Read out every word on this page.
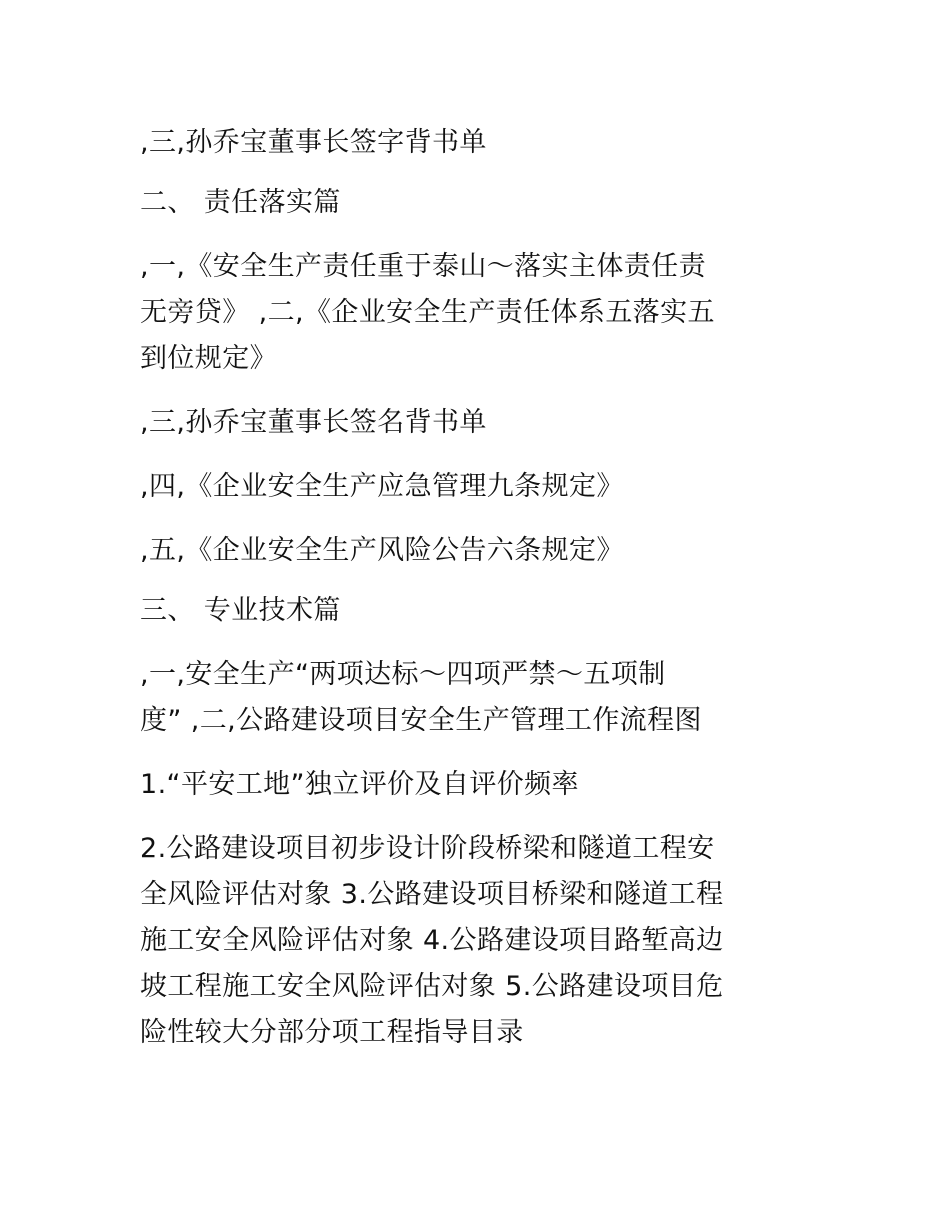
,三,孙乔宝董事长签字背书单
二、 责任落实篇
,一,《安全生产责任重于泰山～落实主体责任责
无旁贷》 ,二,《企业安全生产责任体系五落实五
到位规定》
,三,孙乔宝董事长签名背书单
,四,《企业安全生产应急管理九条规定》
,五,《企业安全生产风险公告六条规定》
三、 专业技术篇
,一,安全生产“两项达标～四项严禁～五项制
度” ,二,公路建设项目安全生产管理工作流程图
1.“平安工地”独立评价及自评价频率
2.公路建设项目初步设计阶段桥梁和隧道工程安
全风险评估对象 3.公路建设项目桥梁和隧道工程
施工安全风险评估对象 4.公路建设项目路堑高边
坡工程施工安全风险评估对象 5.公路建设项目危
险性较大分部分项工程指导目录
